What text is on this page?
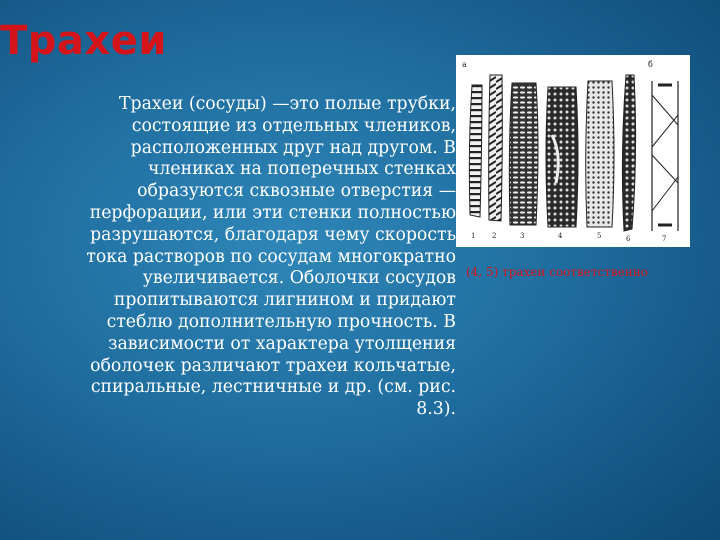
Трахеи
Трахеи (сосуды) —это полые трубки,
состоящие из отдельных члеников,
расположенных друг над другом. В
члениках на поперечных стенках
образуются сквозные отверстия —
перфорации, или эти стенки полностью
разрушаются, благодаря чему скорость
тока растворов по сосудам многократно
увеличивается. Оболочки сосудов
пропитываются лигнином и придают
стеблю дополнительную прочность. В
зависимости от характера утолщения
оболочек различают трахеи кольчатые,
спиральные, лестничные и др. (см. рис.
8.3).
а	б
1 2	3	4	5	6	7
(4, 5) трахеи соответственно
